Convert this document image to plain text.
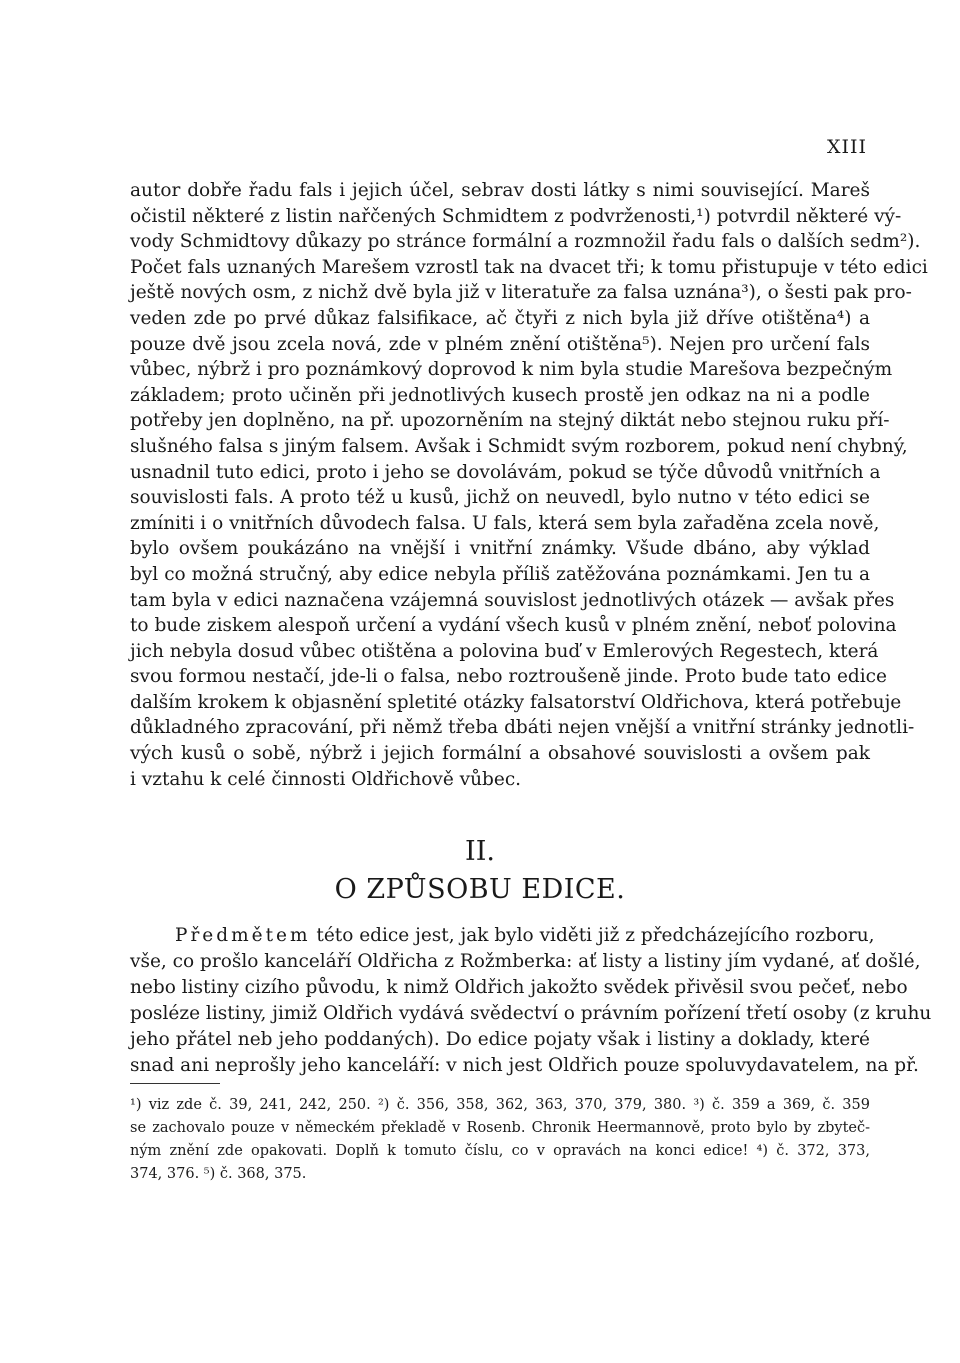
XIII
autor dobře řadu fals i jejich účel, sebrav dosti látky s nimi související. Mareš
očistil některé z listin nařčených Schmidtem z podvrženosti,¹) potvrdil některé vý-
vody Schmidtovy důkazy po stránce formální a rozmnožil řadu fals o dalších sedm²).
Počet fals uznaných Marešem vzrostl tak na dvacet tři; k tomu přistupuje v této edici
ještě nových osm, z nichž dvě byla již v literatuře za falsa uznána³), o šesti pak pro-
veden zde po prvé důkaz falsifikace, ač čtyři z nich byla již dříve otištěna⁴) a
pouze dvě jsou zcela nová, zde v plném znění otištěna⁵). Nejen pro určení fals
vůbec, nýbrž i pro poznámkový doprovod k nim byla studie Marešova bezpečným
základem; proto učiněn při jednotlivých kusech prostě jen odkaz na ni a podle
potřeby jen doplněno, na př. upozorněním na stejný diktát nebo stejnou ruku pří-
slušného falsa s jiným falsem. Avšak i Schmidt svým rozborem, pokud není chybný,
usnadnil tuto edici, proto i jeho se dovolávám, pokud se týče důvodů vnitřních a
souvislosti fals. A proto též u kusů, jichž on neuvedl, bylo nutno v této edici se
zmíniti i o vnitřních důvodech falsa. U fals, která sem byla zařaděna zcela nově,
bylo ovšem poukázáno na vnější i vnitřní známky. Všude dbáno, aby výklad
byl co možná stručný, aby edice nebyla příliš zatěžována poznámkami. Jen tu a
tam byla v edici naznačena vzájemná souvislost jednotlivých otázek — avšak přes
to bude ziskem alespoň určení a vydání všech kusů v plném znění, neboť polovina
jich nebyla dosud vůbec otištěna a polovina buď v Emlerových Regestech, která
svou formou nestačí, jde-li o falsa, nebo roztroušeně jinde. Proto bude tato edice
dalším krokem k objasnění spletité otázky falsatorství Oldřichova, která potřebuje
důkladného zpracování, při němž třeba dbáti nejen vnější a vnitřní stránky jednotli-
vých kusů o sobě, nýbrž i jejich formální a obsahové souvislosti a ovšem pak
i vztahu k celé činnosti Oldřichově vůbec.
II.
O ZPŮSOBU EDICE.
Předmětem této edice jest, jak bylo viděti již z předcházejícího rozboru,
vše, co prošlo kanceláří Oldřicha z Rožmberka: ať listy a listiny jím vydané, ať došlé,
nebo listiny cizího původu, k nimž Oldřich jakožto svědek přivěsil svou pečeť, nebo
posléze listiny, jimiž Oldřich vydává svědectví o právním pořízení třetí osoby (z kruhu
jeho přátel neb jeho poddaných). Do edice pojaty však i listiny a doklady, které
snad ani neprošly jeho kanceláří: v nich jest Oldřich pouze spoluvydavatelem, na př.
¹) viz zde č. 39, 241, 242, 250. ²) č. 356, 358, 362, 363, 370, 379, 380. ³) č. 359 a 369, č. 359
se zachovalo pouze v německém překladě v Rosenb. Chronik Heermannově, proto bylo by zbyteč-
ným znění zde opakovati. Doplň k tomuto číslu, co v opravách na konci edice! ⁴) č. 372, 373,
374, 376. ⁵) č. 368, 375.
